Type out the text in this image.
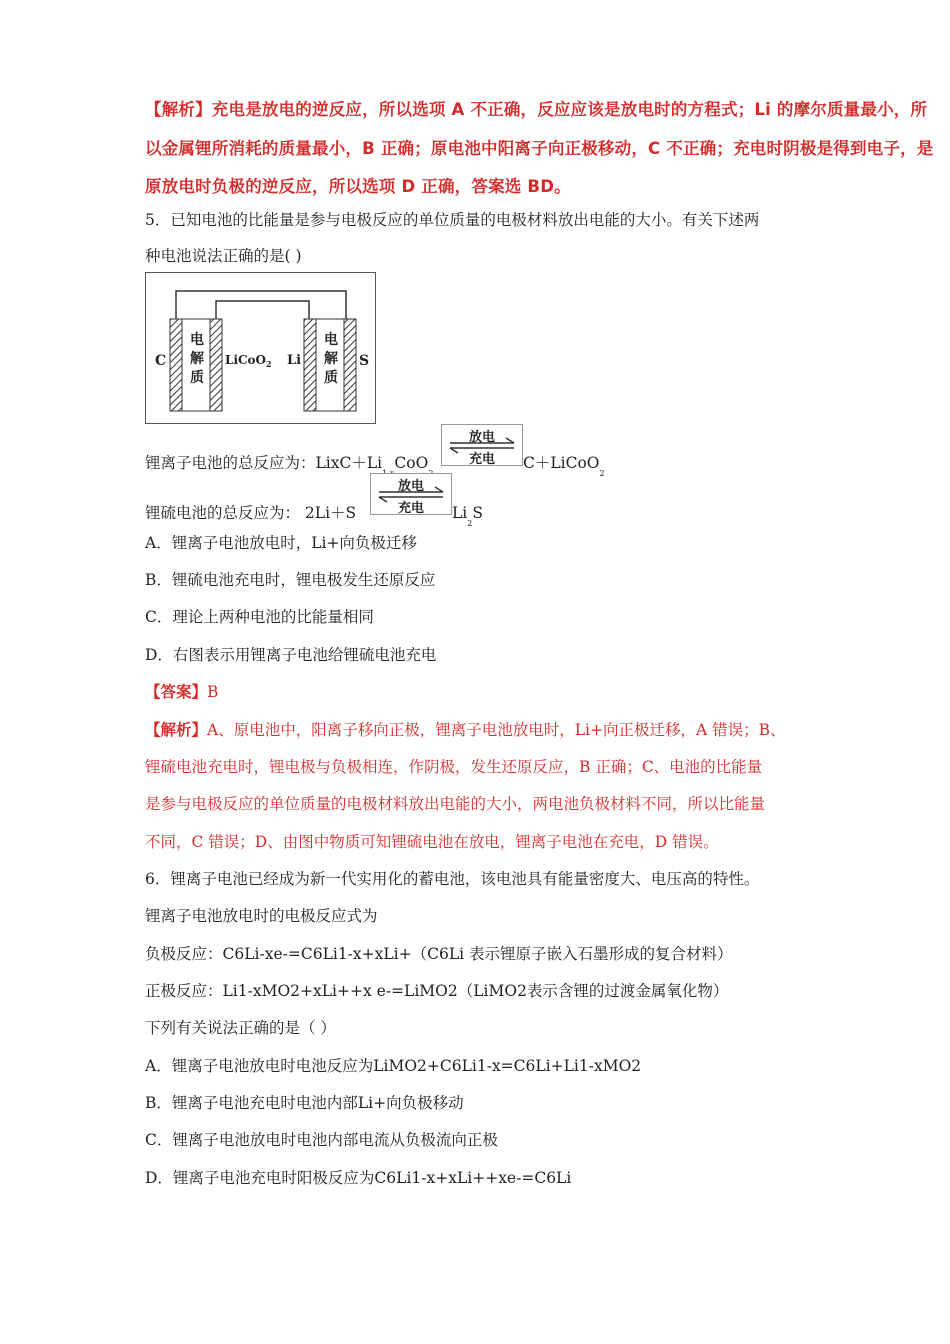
【解析】充电是放电的逆反应，所以选项 A 不正确，反应应该是放电时的方程式；Li 的摩尔质量最小，所
以金属锂所消耗的质量最小，B 正确；原电池中阳离子向正极移动，C 不正确；充电时阴极是得到电子，是
原放电时负极的逆反应，所以选项 D 正确，答案选 BD。
5．已知电池的比能量是参与电极反应的单位质量的电极材料放出电能的大小。有关下述两
种电池说法正确的是( )
C
电
解
质
LiCoO$_2$ Li
电
解
质
S
锂离子电池的总反应为：LixC＋Li CoO
放电
充电	C＋LiCoO$_2$
锂硫电池的总反应为： 2Li＋S
放电
充电	$Li_2S$
A．锂离子电池放电时，Li+向负极迁移
B．锂硫电池充电时，锂电极发生还原反应
C．理论上两种电池的比能量相同
D．右图表示用锂离子电池给锂硫电池充电
【答案】B
【解析】A、原电池中，阳离子移向正极，锂离子电池放电时，Li+向正极迁移，A 错误；B、
锂硫电池充电时，锂电极与负极相连，作阴极，发生还原反应，B 正确；C、电池的比能量
是参与电极反应的单位质量的电极材料放出电能的大小，两电池负极材料不同，所以比能量
不同，C 错误；D、由图中物质可知锂硫电池在放电，锂离子电池在充电，D 错误。
6．锂离子电池已经成为新一代实用化的蓄电池，该电池具有能量密度大、电压高的特性。
锂离子电池放电时的电极反应式为
负极反应：C6Li-xe-=C6Li1-x+xLi+（C6Li 表示锂原子嵌入石墨形成的复合材料）
正极反应：Li1-xMO2+xLi++x e-=LiMO2（LiMO2表示含锂的过渡金属氧化物）
下列有关说法正确的是（ ）
A．锂离子电池放电时电池反应为LiMO2+C6Li1-x=C6Li+Li1-xMO2
B．锂离子电池充电时电池内部Li+向负极移动
C．锂离子电池放电时电池内部电流从负极流向正极
D．锂离子电池充电时阳极反应为C6Li1-x+xLi++xe-=C6Li
